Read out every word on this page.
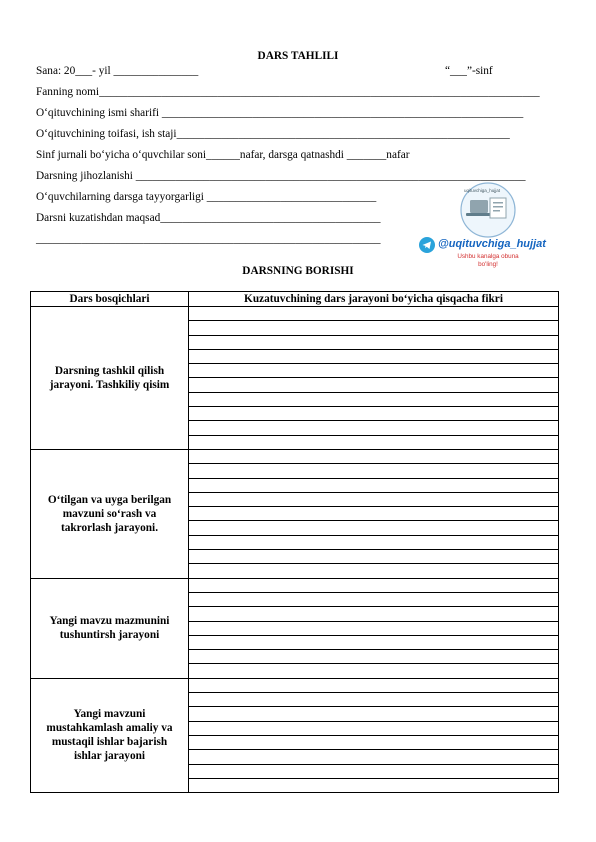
DARS TAHLILI
Sana: 20___- yil _______________	“___”-sinf
Fanning nomi______________________________________________________________________________
O‘qituvchining ismi sharifi ________________________________________________________________
O‘qituvchining toifasi, ish staji___________________________________________________________
Sinf jurnali bo‘yicha o‘quvchilar soni______nafar, darsga qatnashdi _______nafar
Darsning jihozlanishi _____________________________________________________________________
O‘quvchilarning darsga tayyorgarligi ______________________________
Darsni kuzatishdan maqsad_______________________________________
_____________________________________________________________
uqituvchiga_hujjat
@uqituvchiga_hujjat
Ushbu kanalga obuna bo'ling!
DARSNING BORISHI
Dars bosqichlari	Kuzatuvchining dars jarayoni bo‘yicha qisqacha fikri
Darsning tashkil qilish jarayoni. Tashkiliy qisim	

O‘tilgan va uyga berilgan mavzuni so‘rash va takrorlash jarayoni.	

Yangi mavzu mazmunini tushuntirsh jarayoni	

Yangi mavzuni mustahkamlash amaliy va mustaqil ishlar bajarish ishlar jarayoni	
